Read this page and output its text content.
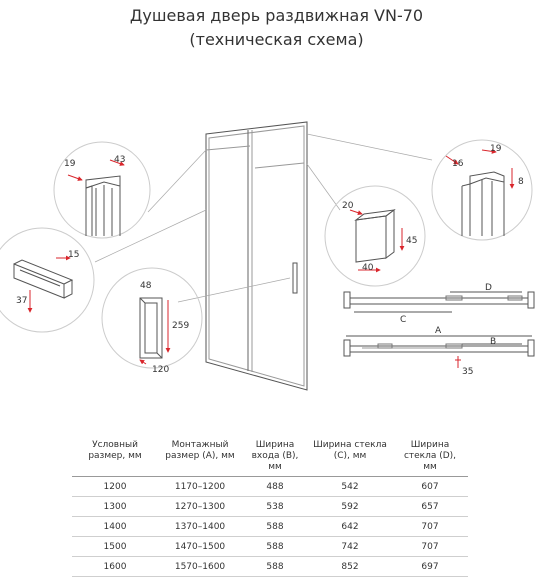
Душевая дверь раздвижная VN-70
(техническая схема)
19	43
15
37
48
259
120
20
45
40
16
19
8
D
C
A
B
35
Условный размер, мм	Монтажный размер (A), мм	Ширина входа (B), мм	Ширина стекла (C), мм	Ширина стекла (D), мм
1200	1170–1200	488	542	607
1300	1270–1300	538	592	657
1400	1370–1400	588	642	707
1500	1470–1500	588	742	707
1600	1570–1600	588	852	697
